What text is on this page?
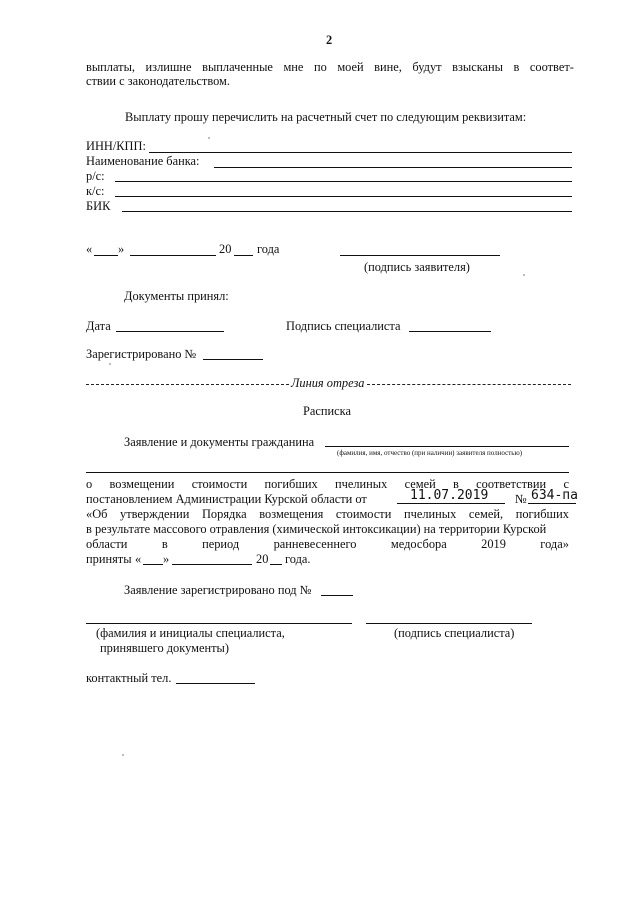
2
выплаты, излишне выплаченные мне по моей вине, будут взысканы в соответ-
ствии с законодательством.
Выплату прошу перечислить на расчетный счет по следующим реквизитам:
ИНН/КПП:
Наименование банка:
р/с:
к/с:
БИК
« »	20 года
(подпись заявителя)
Документы принял:
Дата	Подпись специалиста
Зарегистрировано №
Линия отреза
Расписка
Заявление и документы гражданина
(фамилия, имя, отчество (при наличии) заявителя полностью)
о возмещении стоимости погибших пчелиных семей в соответствии с
постановлением Администрации Курской области от	11.07.2019 № 634-па
«Об утверждении Порядка возмещения стоимости пчелиных семей, погибших
в результате массового отравления (химической интоксикации) на территории Курской
области	в	период	ранневесеннего	медосбора	2019	года»
приняты « »	20 года.
Заявление зарегистрировано под №
(фамилия и инициалы специалиста,
принявшего документы)
(подпись специалиста)
контактный тел.
